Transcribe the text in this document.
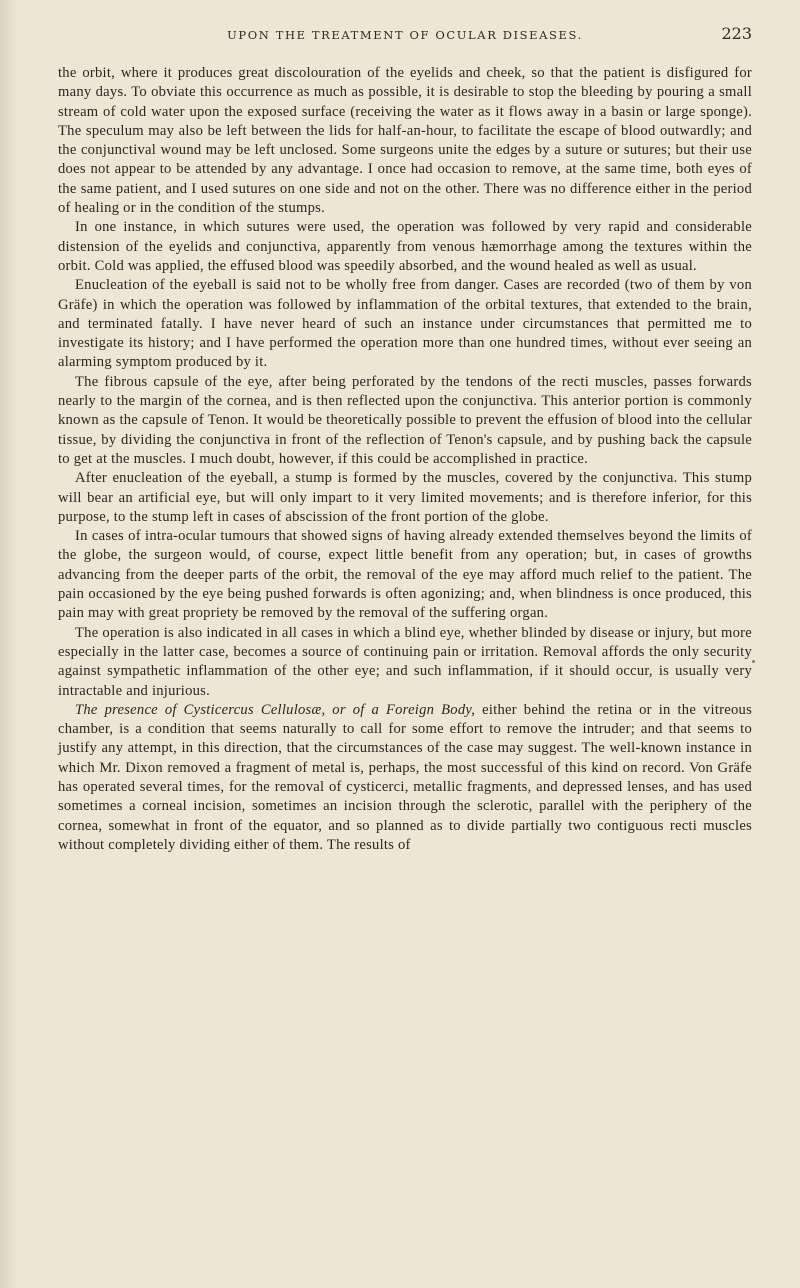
UPON THE TREATMENT OF OCULAR DISEASES.	223

the orbit, where it produces great discolouration of the eyelids and cheek, so that the patient is disfigured for many days. To obviate this occurrence as much as possible, it is desirable to stop the bleeding by pouring a small stream of cold water upon the exposed surface (receiving the water as it flows away in a basin or large sponge). The speculum may also be left between the lids for half-an-hour, to facilitate the escape of blood outwardly; and the conjunctival wound may be left unclosed. Some surgeons unite the edges by a suture or sutures; but their use does not appear to be attended by any advantage. I once had occasion to remove, at the same time, both eyes of the same patient, and I used sutures on one side and not on the other. There was no difference either in the period of healing or in the condition of the stumps.

In one instance, in which sutures were used, the operation was followed by very rapid and considerable distension of the eyelids and conjunctiva, apparently from venous hæmorrhage among the textures within the orbit. Cold was applied, the effused blood was speedily absorbed, and the wound healed as well as usual.

Enucleation of the eyeball is said not to be wholly free from danger. Cases are recorded (two of them by von Gräfe) in which the operation was followed by inflammation of the orbital textures, that extended to the brain, and terminated fatally. I have never heard of such an instance under circumstances that permitted me to investigate its history; and I have performed the operation more than one hundred times, without ever seeing an alarming symptom produced by it.

The fibrous capsule of the eye, after being perforated by the tendons of the recti muscles, passes forwards nearly to the margin of the cornea, and is then reflected upon the conjunctiva. This anterior portion is commonly known as the capsule of Tenon. It would be theoretically possible to prevent the effusion of blood into the cellular tissue, by dividing the conjunctiva in front of the reflection of Tenon's capsule, and by pushing back the capsule to get at the muscles. I much doubt, however, if this could be accomplished in practice.

After enucleation of the eyeball, a stump is formed by the muscles, covered by the conjunctiva. This stump will bear an artificial eye, but will only impart to it very limited movements; and is therefore inferior, for this purpose, to the stump left in cases of abscission of the front portion of the globe.

In cases of intra-ocular tumours that showed signs of having already extended themselves beyond the limits of the globe, the surgeon would, of course, expect little benefit from any operation; but, in cases of growths advancing from the deeper parts of the orbit, the removal of the eye may afford much relief to the patient. The pain occasioned by the eye being pushed forwards is often agonizing; and, when blindness is once produced, this pain may with great propriety be removed by the removal of the suffering organ.

The operation is also indicated in all cases in which a blind eye, whether blinded by disease or injury, but more especially in the latter case, becomes a source of continuing pain or irritation. Removal affords the only security against sympathetic inflammation of the other eye; and such inflammation, if it should occur, is usually very intractable and injurious.

The presence of Cysticercus Cellulosæ, or of a Foreign Body, either behind the retina or in the vitreous chamber, is a condition that seems naturally to call for some effort to remove the intruder; and that seems to justify any attempt, in this direction, that the circumstances of the case may suggest. The well-known instance in which Mr. Dixon removed a fragment of metal is, perhaps, the most successful of this kind on record. Von Gräfe has operated several times, for the removal of cysticerci, metallic fragments, and depressed lenses, and has used sometimes a corneal incision, sometimes an incision through the sclerotic, parallel with the periphery of the cornea, somewhat in front of the equator, and so planned as to divide partially two contiguous recti muscles without completely dividing either of them. The results of
